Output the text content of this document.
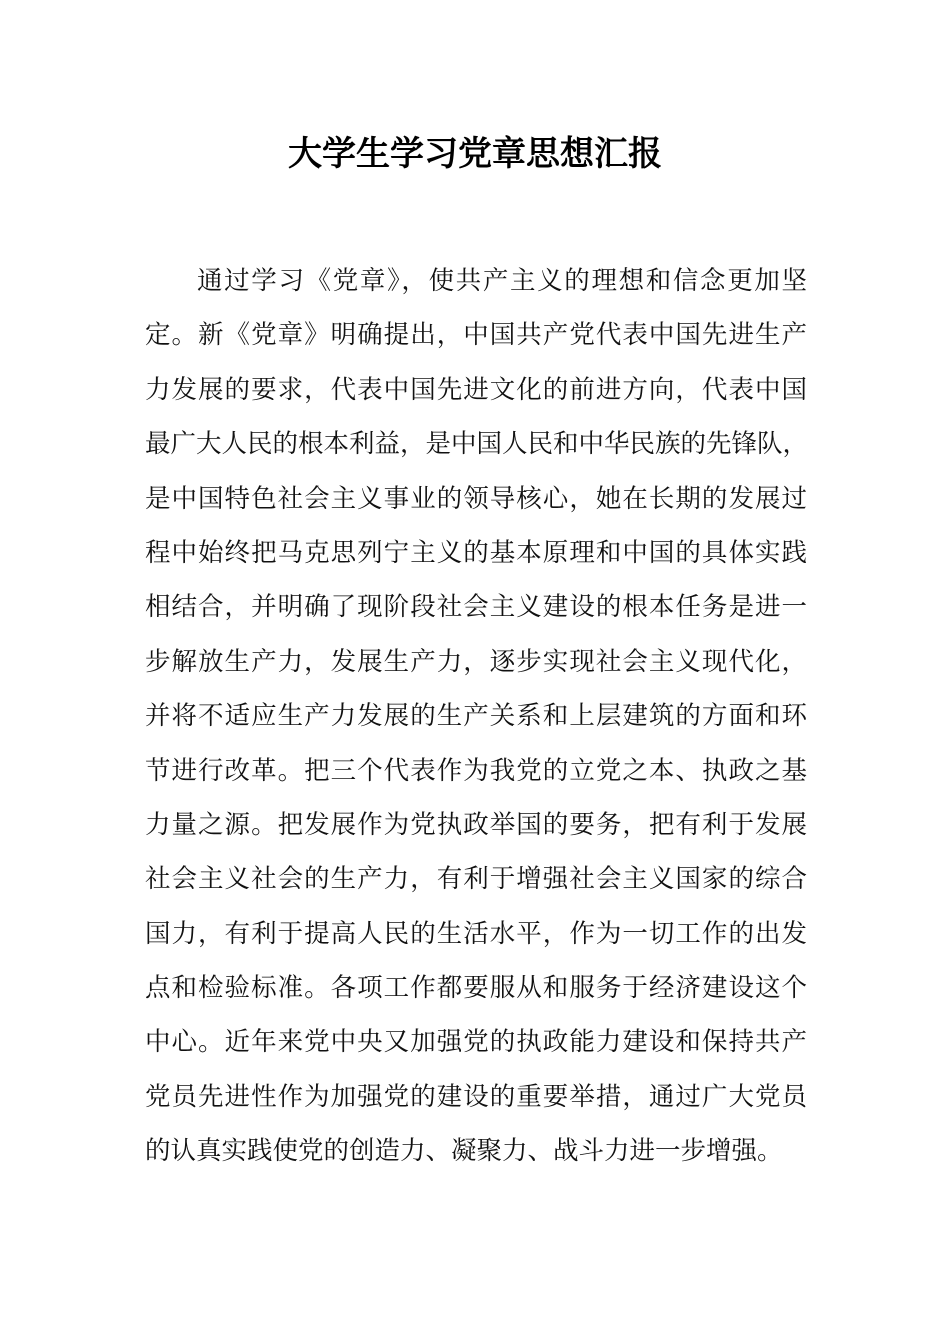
大学生学习党章思想汇报
通过学习《党章》，使共产主义的理想和信念更加坚
定。新《党章》明确提出，中国共产党代表中国先进生产
力发展的要求，代表中国先进文化的前进方向，代表中国
最广大人民的根本利益，是中国人民和中华民族的先锋队，
是中国特色社会主义事业的领导核心，她在长期的发展过
程中始终把马克思列宁主义的基本原理和中国的具体实践
相结合，并明确了现阶段社会主义建设的根本任务是进一
步解放生产力，发展生产力，逐步实现社会主义现代化，
并将不适应生产力发展的生产关系和上层建筑的方面和环
节进行改革。把三个代表作为我党的立党之本、执政之基
力量之源。把发展作为党执政举国的要务，把有利于发展
社会主义社会的生产力，有利于增强社会主义国家的综合
国力，有利于提高人民的生活水平，作为一切工作的出发
点和检验标准。各项工作都要服从和服务于经济建设这个
中心。近年来党中央又加强党的执政能力建设和保持共产
党员先进性作为加强党的建设的重要举措，通过广大党员
的认真实践使党的创造力、凝聚力、战斗力进一步增强。
